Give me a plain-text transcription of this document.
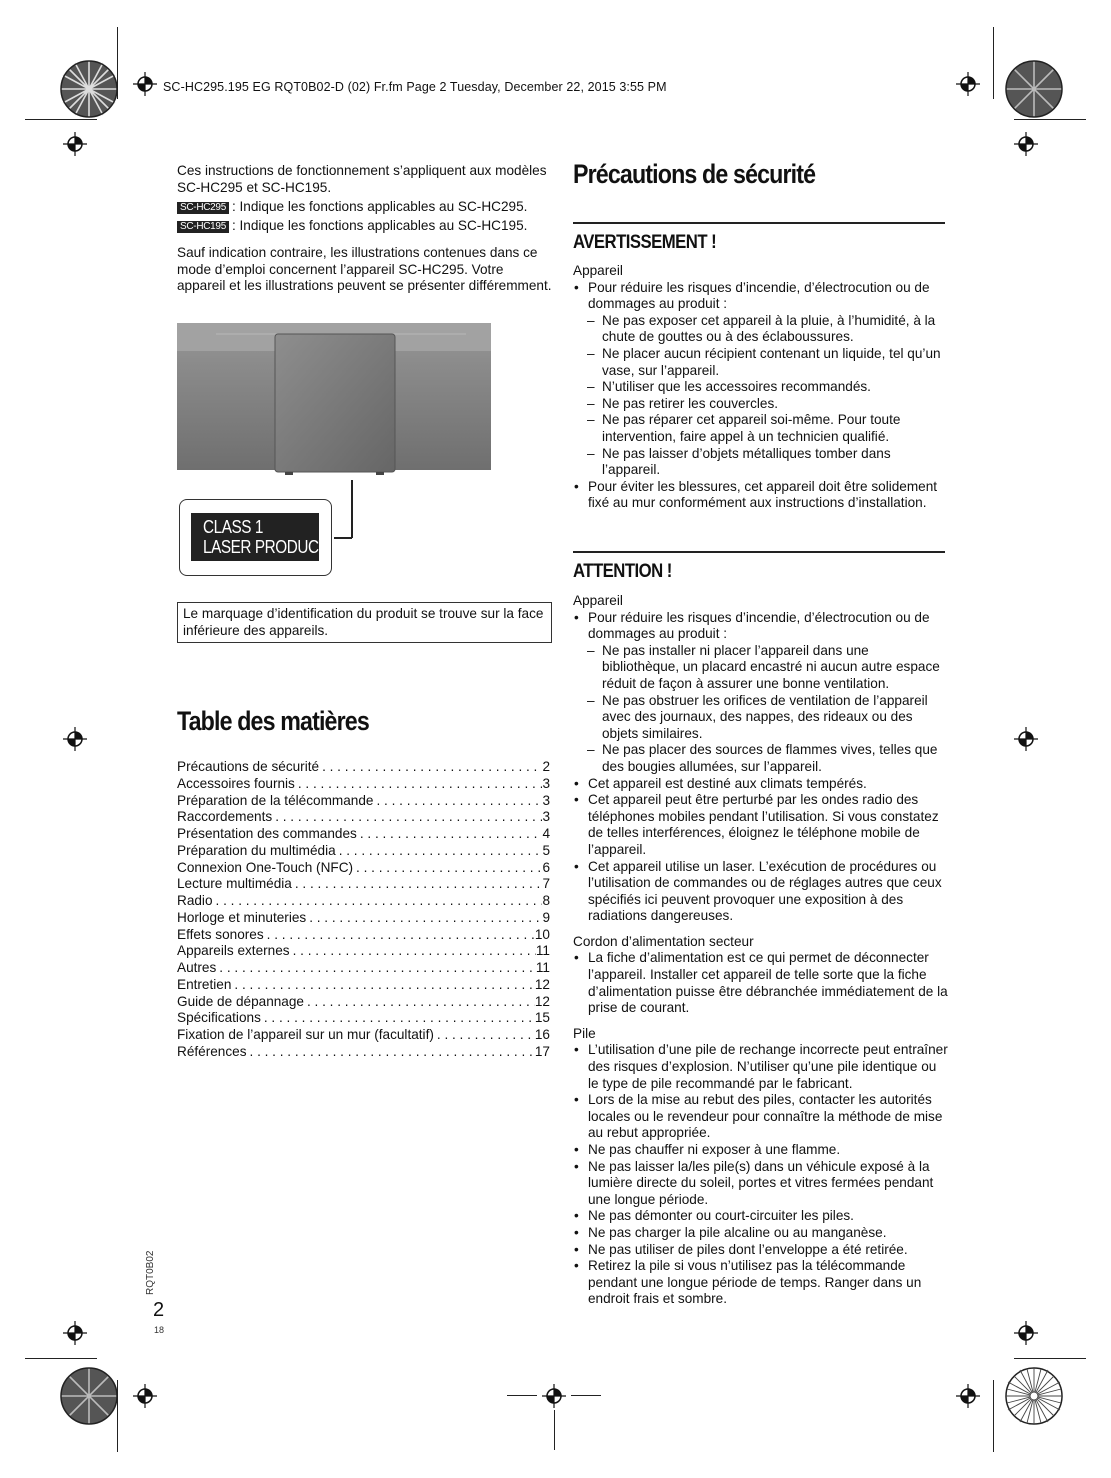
SC-HC295.195 EG RQT0B02-D (02) Fr.fm Page 2 Tuesday, December 22, 2015 3:55 PM

Ces instructions de fonctionnement s’appliquent aux modèles SC-HC295 et SC-HC195.

SC-HC295 : Indique les fonctions applicables au SC-HC295.

SC-HC195 : Indique les fonctions applicables au SC-HC195.

Sauf indication contraire, les illustrations contenues dans ce mode d’emploi concernent l’appareil SC-HC295. Votre appareil et les illustrations peuvent se présenter différemment.

CLASS 1
LASER PRODUCT
Le marquage d’identification du produit se trouve sur la face inférieure des appareils.
Table des matières
Précautions de sécurité . . .	2
Accessoires fournis . . .	3
Préparation de la télécommande . . .	3
Raccordements . . .	3
Présentation des commandes . . .	4
Préparation du multimédia . . .	5
Connexion One-Touch (NFC) . . .	6
Lecture multimédia . . .	7
Radio . . .	8
Horloge et minuteries . . .	9
Effets sonores . . .	10
Appareils externes . . .	11
Autres . . .	11
Entretien . . .	12
Guide de dépannage . . .	12
Spécifications . . .	15
Fixation de l’appareil sur un mur (facultatif) . . .	16
Références . . .	17
RQT0B02
2
18
Précautions de sécurité
AVERTISSEMENT !

Appareil

• Pour réduire les risques d’incendie, d’électrocution ou de dommages au produit :
– Ne pas exposer cet appareil à la pluie, à l’humidité, à la chute de gouttes ou à des éclaboussures.
– Ne placer aucun récipient contenant un liquide, tel qu’un vase, sur l’appareil.
– N’utiliser que les accessoires recommandés.
– Ne pas retirer les couvercles.
– Ne pas réparer cet appareil soi-même. Pour toute intervention, faire appel à un technicien qualifié.
– Ne pas laisser d’objets métalliques tomber dans l’appareil.
• Pour éviter les blessures, cet appareil doit être solidement fixé au mur conformément aux instructions d’installation.
ATTENTION !

Appareil

• Pour réduire les risques d’incendie, d’électrocution ou de dommages au produit :
– Ne pas installer ni placer l’appareil dans une bibliothèque, un placard encastré ni aucun autre espace réduit de façon à assurer une bonne ventilation.
– Ne pas obstruer les orifices de ventilation de l’appareil avec des journaux, des nappes, des rideaux ou des objets similaires.
– Ne pas placer des sources de flammes vives, telles que des bougies allumées, sur l’appareil.
• Cet appareil est destiné aux climats tempérés.
• Cet appareil peut être perturbé par les ondes radio des téléphones mobiles pendant l’utilisation. Si vous constatez de telles interférences, éloignez le téléphone mobile de l’appareil.
• Cet appareil utilise un laser. L’exécution de procédures ou l’utilisation de commandes ou de réglages autres que ceux spécifiés ici peuvent provoquer une exposition à des radiations dangereuses.

Cordon d’alimentation secteur

• La fiche d’alimentation est ce qui permet de déconnecter l’appareil. Installer cet appareil de telle sorte que la fiche d’alimentation puisse être débranchée immédiatement de la prise de courant.

Pile

• L’utilisation d’une pile de rechange incorrecte peut entraîner des risques d’explosion. N’utiliser qu’une pile identique ou le type de pile recommandé par le fabricant.
• Lors de la mise au rebut des piles, contacter les autorités locales ou le revendeur pour connaître la méthode de mise au rebut appropriée.
• Ne pas chauffer ni exposer à une flamme.
• Ne pas laisser la/les pile(s) dans un véhicule exposé à la lumière directe du soleil, portes et vitres fermées pendant une longue période.
• Ne pas démonter ou court-circuiter les piles.
• Ne pas charger la pile alcaline ou au manganèse.
• Ne pas utiliser de piles dont l’enveloppe a été retirée.
• Retirez la pile si vous n’utilisez pas la télécommande pendant une longue période de temps. Ranger dans un endroit frais et sombre.
